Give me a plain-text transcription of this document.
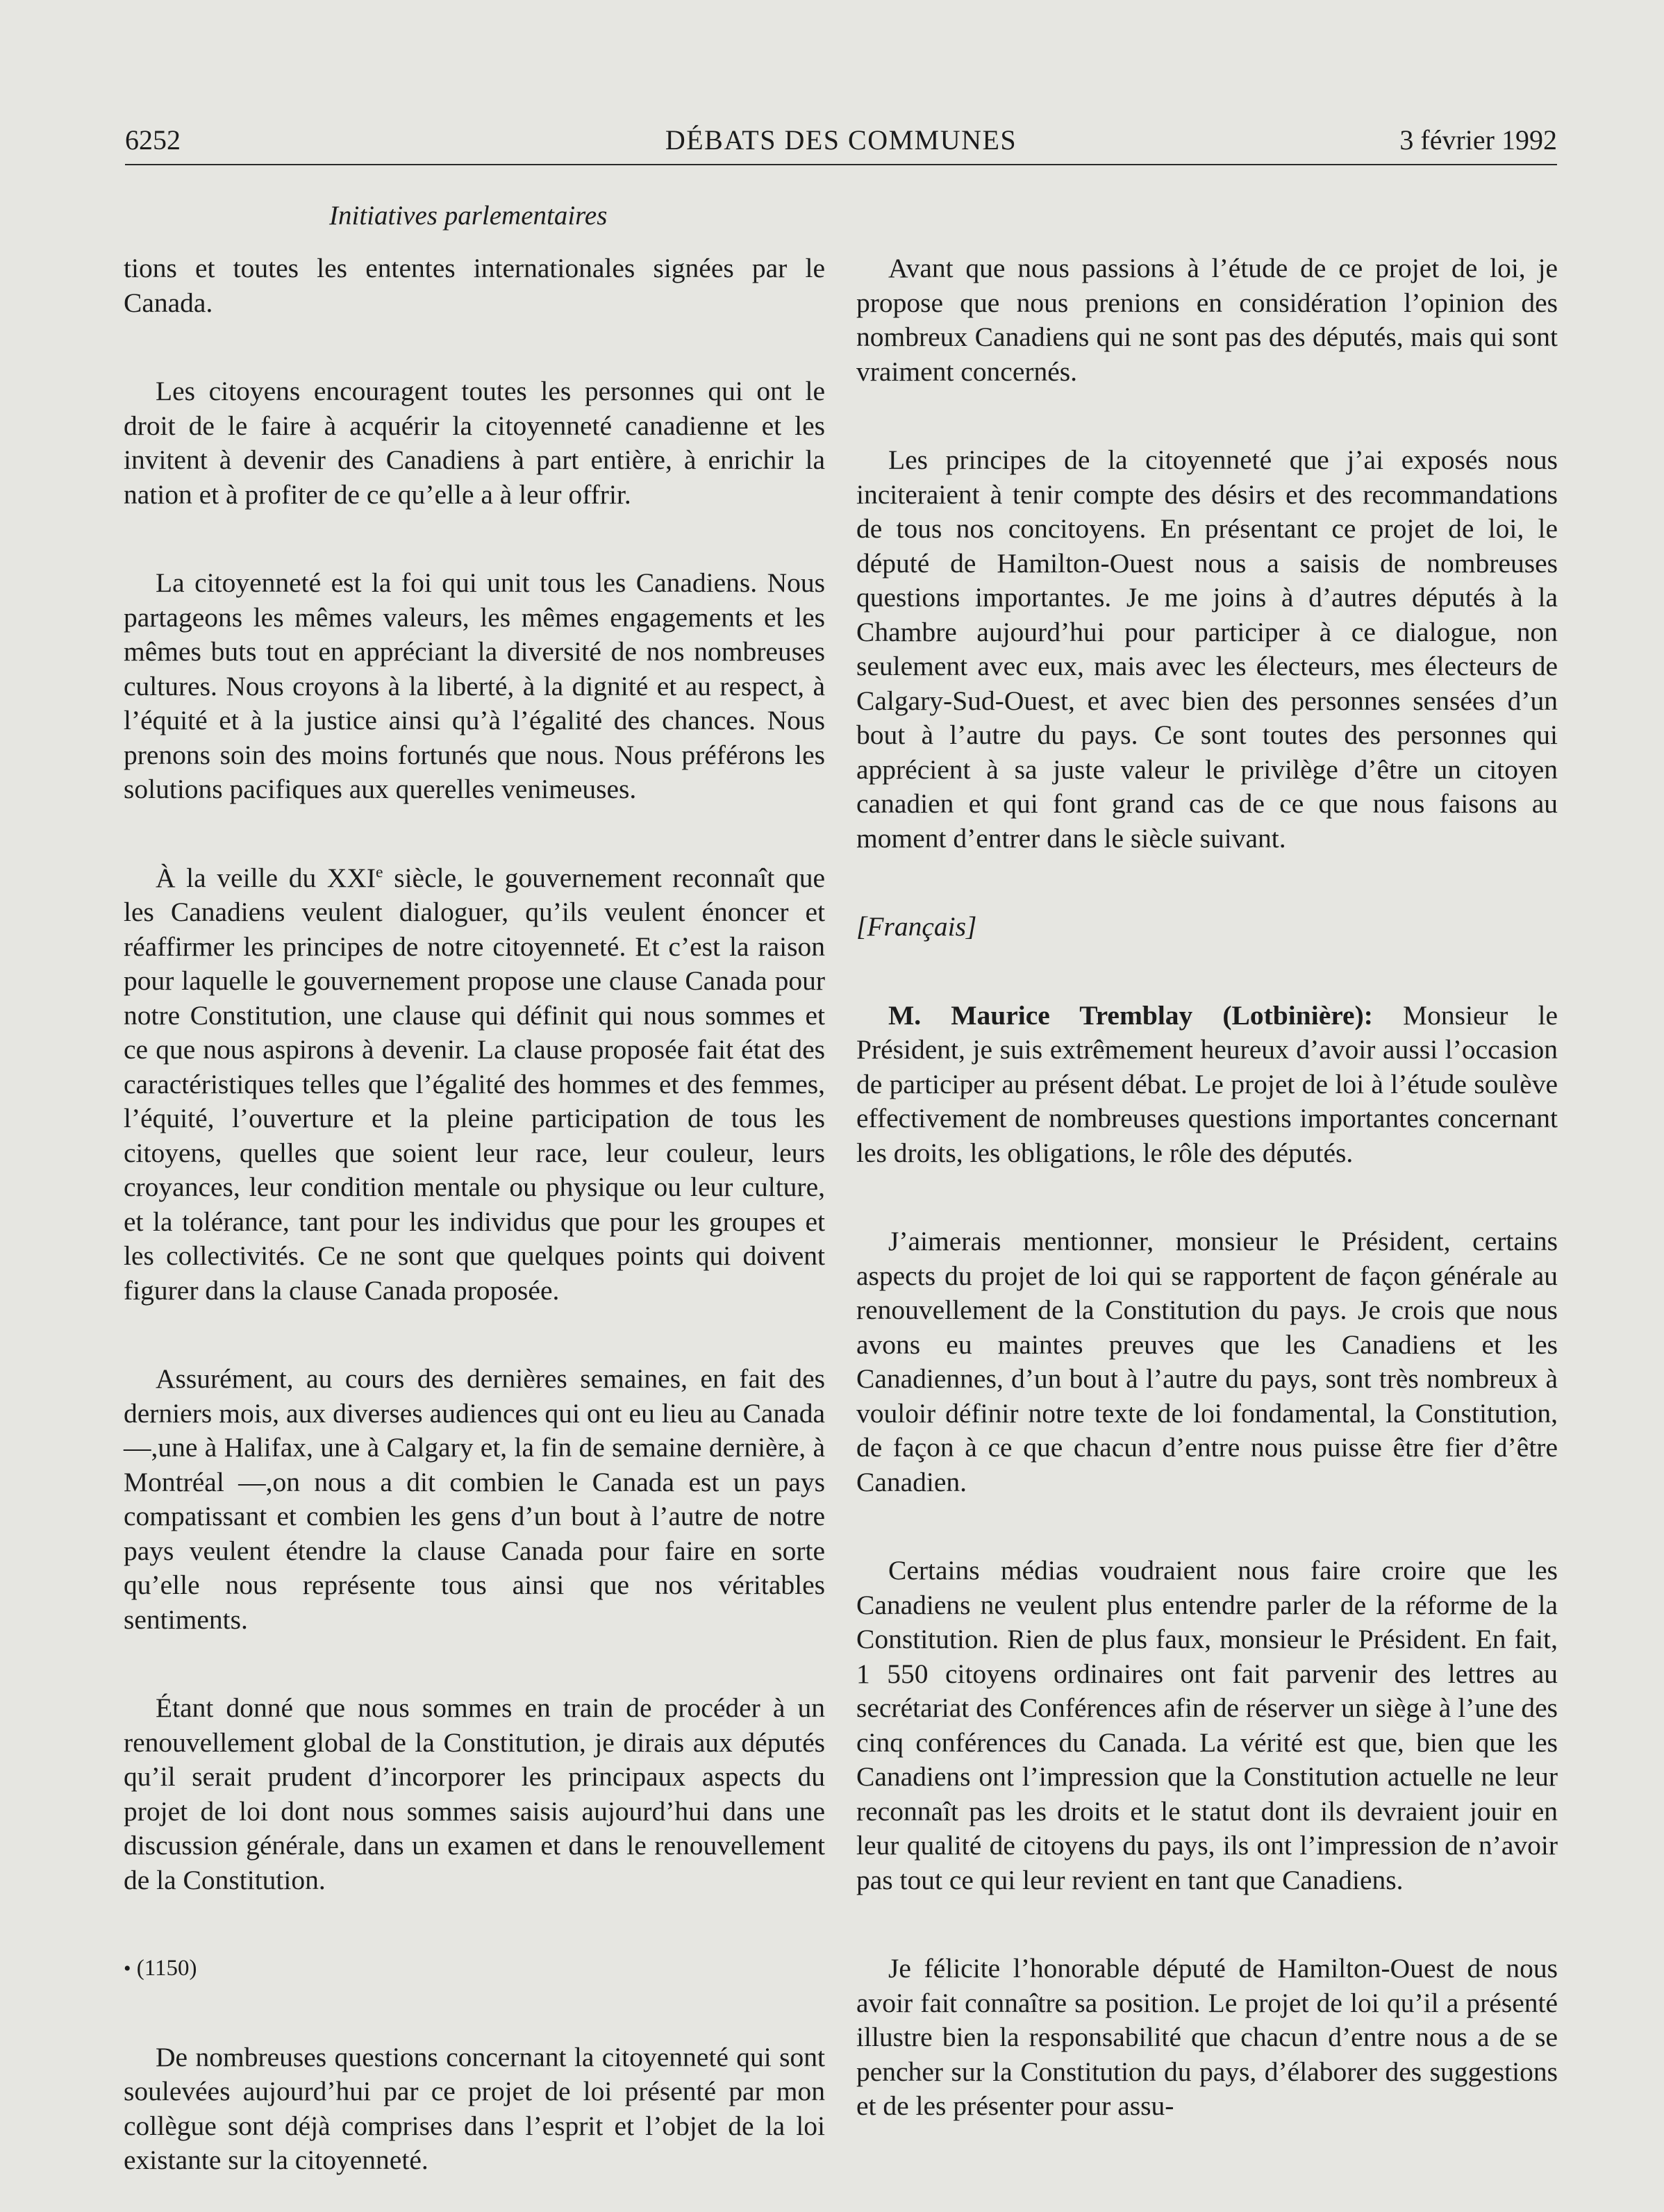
6252	DÉBATS DES COMMUNES	3 février 1992
Initiatives parlementaires

tions et toutes les ententes internationales signées par le Canada.

Les citoyens encouragent toutes les personnes qui ont le droit de le faire à acquérir la citoyenneté canadienne et les invitent à devenir des Canadiens à part entière, à enrichir la nation et à profiter de ce qu’elle a à leur offrir.

La citoyenneté est la foi qui unit tous les Canadiens. Nous partageons les mêmes valeurs, les mêmes engagements et les mêmes buts tout en appréciant la diversité de nos nombreuses cultures. Nous croyons à la liberté, à la dignité et au respect, à l’équité et à la justice ainsi qu’à l’égalité des chances. Nous prenons soin des moins fortunés que nous. Nous préférons les solutions pacifiques aux querelles venimeuses.

À la veille du XXIe siècle, le gouvernement reconnaît que les Canadiens veulent dialoguer, qu’ils veulent énoncer et réaffirmer les principes de notre citoyenneté. Et c’est la raison pour laquelle le gouvernement propose une clause Canada pour notre Constitution, une clause qui définit qui nous sommes et ce que nous aspirons à devenir. La clause proposée fait état des caractéristiques telles que l’égalité des hommes et des femmes, l’équité, l’ouverture et la pleine participation de tous les citoyens, quelles que soient leur race, leur couleur, leurs croyances, leur condition mentale ou physique ou leur culture, et la tolérance, tant pour les individus que pour les groupes et les collectivités. Ce ne sont que quelques points qui doivent figurer dans la clause Canada proposée.

Assurément, au cours des dernières semaines, en fait des derniers mois, aux diverses audiences qui ont eu lieu au Canada —,une à Halifax, une à Calgary et, la fin de semaine dernière, à Montréal —,on nous a dit combien le Canada est un pays compatissant et combien les gens d’un bout à l’autre de notre pays veulent étendre la clause Canada pour faire en sorte qu’elle nous représente tous ainsi que nos véritables sentiments.

Étant donné que nous sommes en train de procéder à un renouvellement global de la Constitution, je dirais aux députés qu’il serait prudent d’incorporer les principaux aspects du projet de loi dont nous sommes saisis aujourd’hui dans une discussion générale, dans un examen et dans le renouvellement de la Constitution.

• (1150)

De nombreuses questions concernant la citoyenneté qui sont soulevées aujourd’hui par ce projet de loi présenté par mon collègue sont déjà comprises dans l’esprit et l’objet de la loi existante sur la citoyenneté.

Avant que nous passions à l’étude de ce projet de loi, je propose que nous prenions en considération l’opinion des nombreux Canadiens qui ne sont pas des députés, mais qui sont vraiment concernés.

Les principes de la citoyenneté que j’ai exposés nous inciteraient à tenir compte des désirs et des recommandations de tous nos concitoyens. En présentant ce projet de loi, le député de Hamilton-Ouest nous a saisis de nombreuses questions importantes. Je me joins à d’autres députés à la Chambre aujourd’hui pour participer à ce dialogue, non seulement avec eux, mais avec les électeurs, mes électeurs de Calgary-Sud-Ouest, et avec bien des personnes sensées d’un bout à l’autre du pays. Ce sont toutes des personnes qui apprécient à sa juste valeur le privilège d’être un citoyen canadien et qui font grand cas de ce que nous faisons au moment d’entrer dans le siècle suivant.

[Français]

M. Maurice Tremblay (Lotbinière): Monsieur le Président, je suis extrêmement heureux d’avoir aussi l’occasion de participer au présent débat. Le projet de loi à l’étude soulève effectivement de nombreuses questions importantes concernant les droits, les obligations, le rôle des députés.

J’aimerais mentionner, monsieur le Président, certains aspects du projet de loi qui se rapportent de façon générale au renouvellement de la Constitution du pays. Je crois que nous avons eu maintes preuves que les Canadiens et les Canadiennes, d’un bout à l’autre du pays, sont très nombreux à vouloir définir notre texte de loi fondamental, la Constitution, de façon à ce que chacun d’entre nous puisse être fier d’être Canadien.

Certains médias voudraient nous faire croire que les Canadiens ne veulent plus entendre parler de la réforme de la Constitution. Rien de plus faux, monsieur le Président. En fait, 1 550 citoyens ordinaires ont fait parvenir des lettres au secrétariat des Conférences afin de réserver un siège à l’une des cinq conférences du Canada. La vérité est que, bien que les Canadiens ont l’impression que la Constitution actuelle ne leur reconnaît pas les droits et le statut dont ils devraient jouir en leur qualité de citoyens du pays, ils ont l’impression de n’avoir pas tout ce qui leur revient en tant que Canadiens.

Je félicite l’honorable député de Hamilton-Ouest de nous avoir fait connaître sa position. Le projet de loi qu’il a présenté illustre bien la responsabilité que chacun d’entre nous a de se pencher sur la Constitution du pays, d’élaborer des suggestions et de les présenter pour assu-
